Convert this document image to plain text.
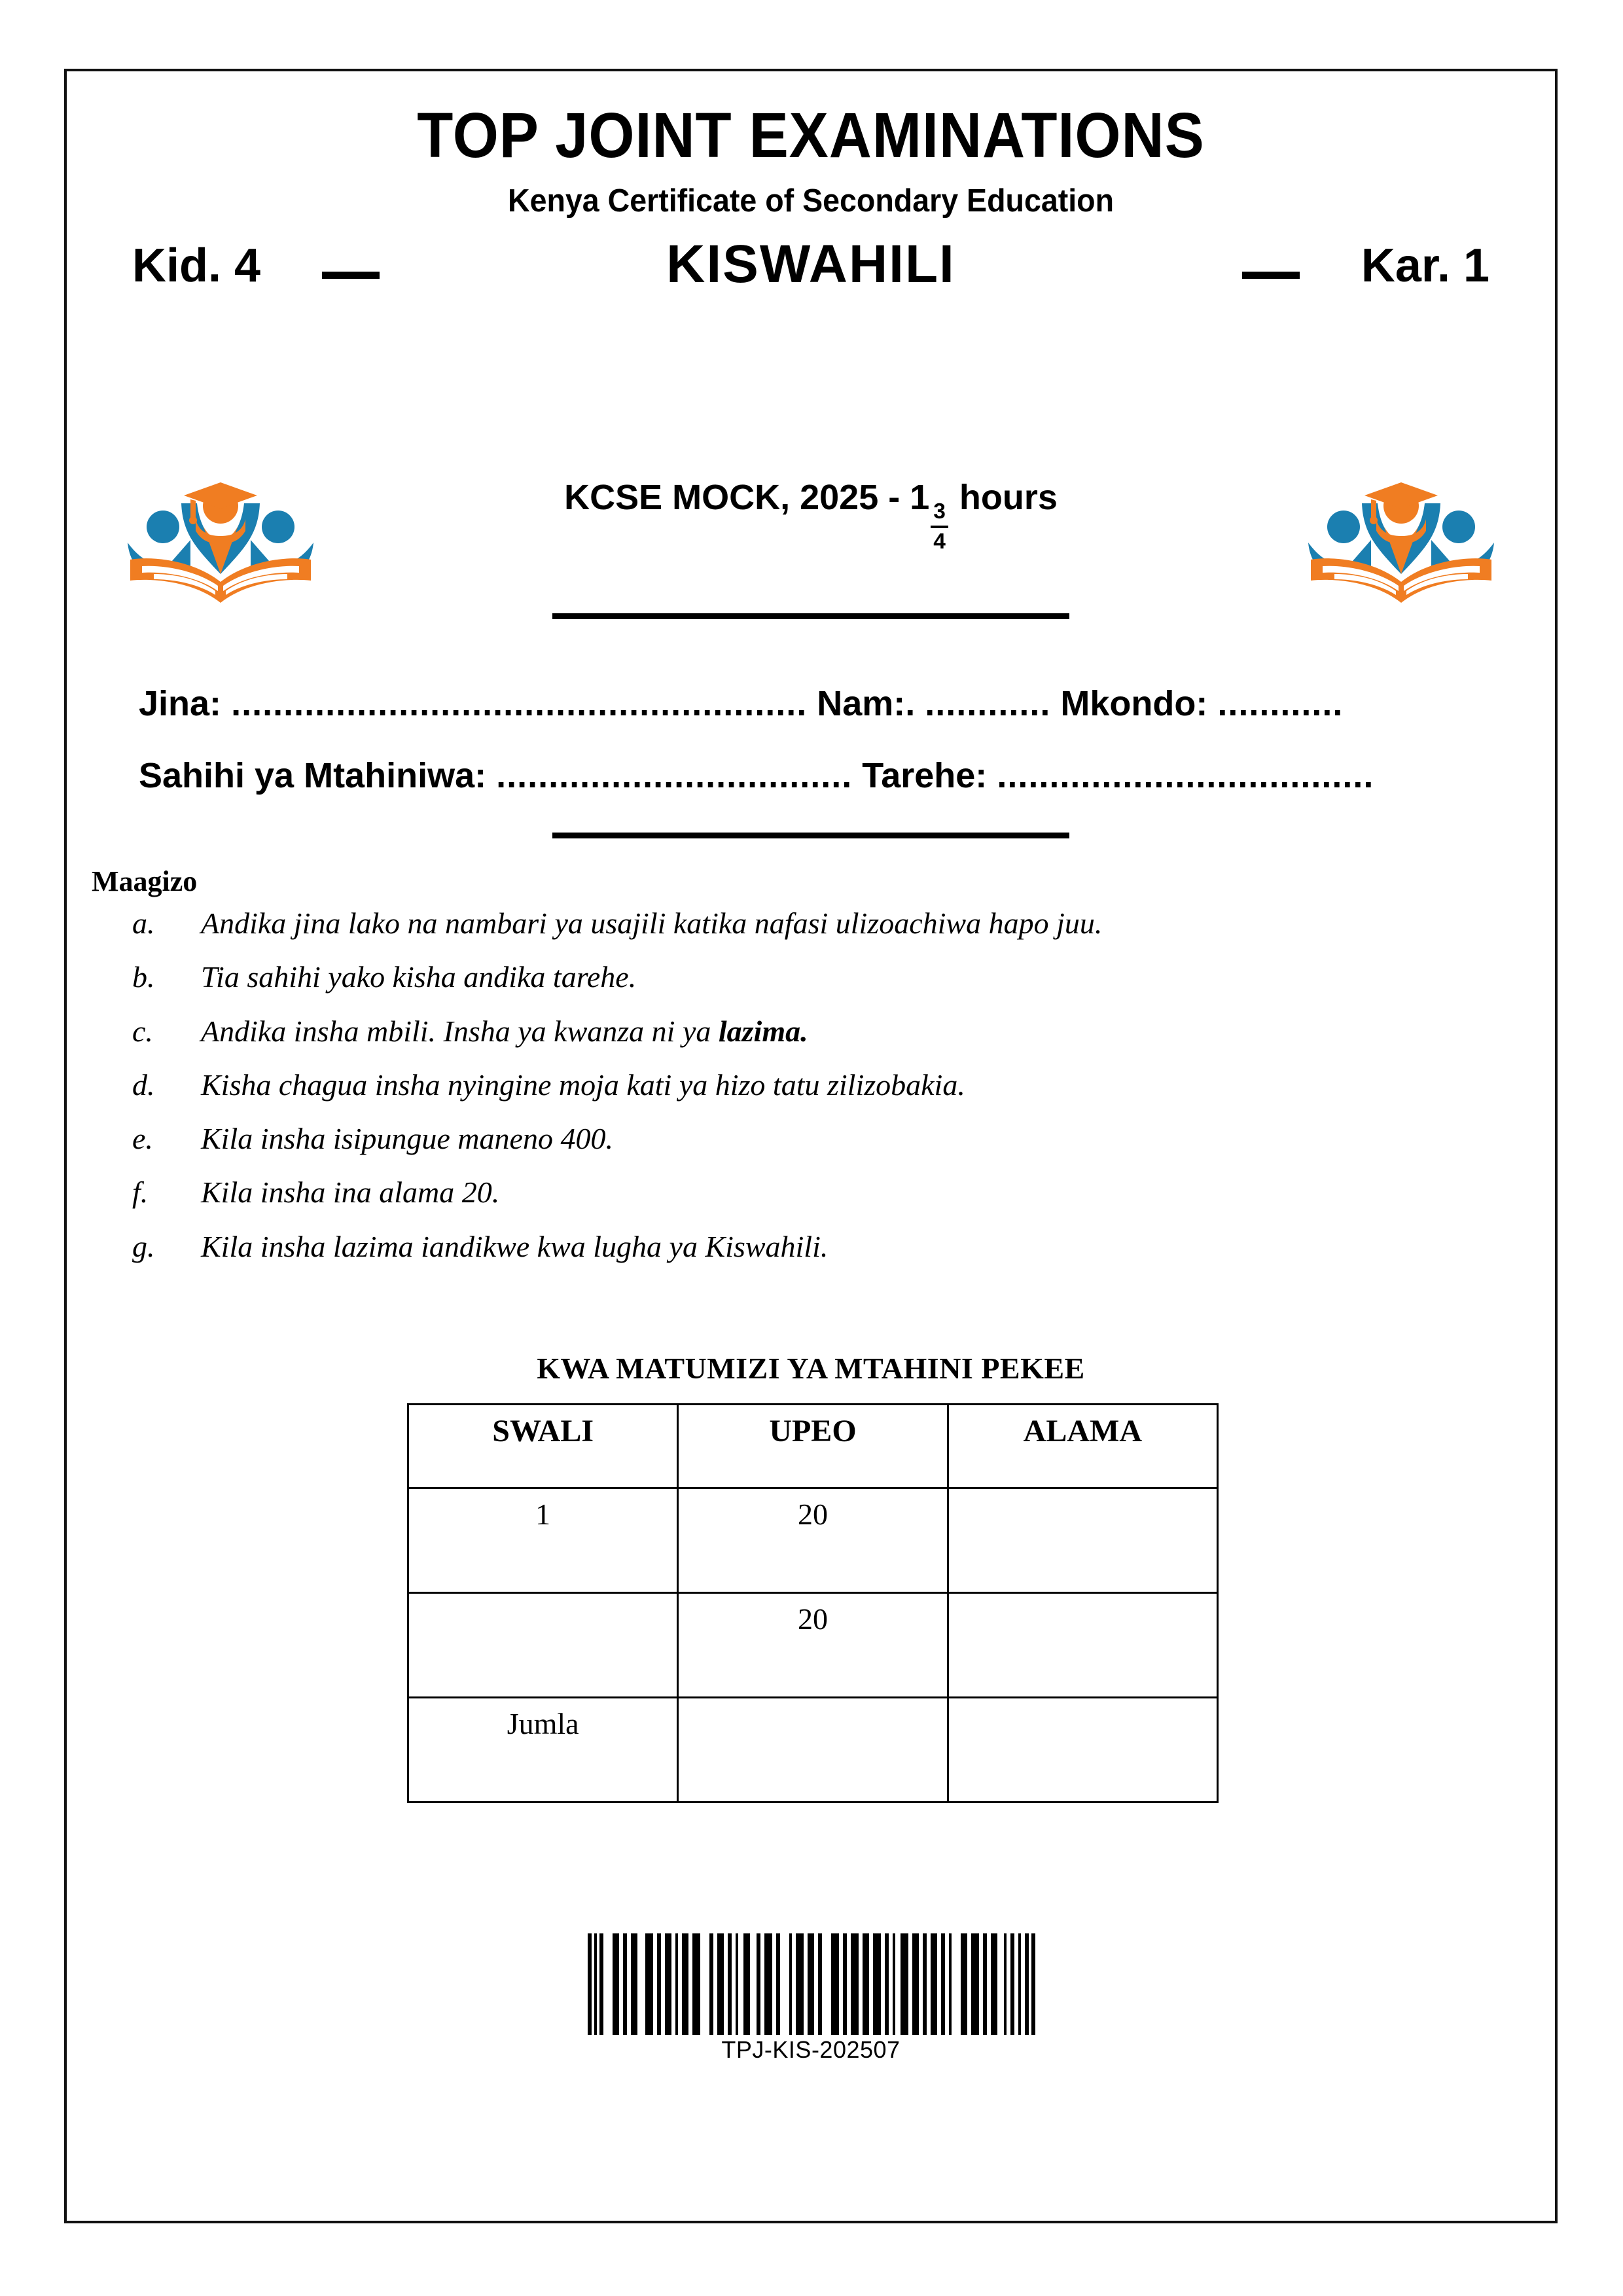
TOP JOINT EXAMINATIONS
Kenya Certificate of Secondary Education
Kid. 4	KISWAHILI	Kar. 1
KCSE MOCK, 2025 - 1
$\frac{3}{4}$
hours
Jina: ....................................................... Nam:. ............ Mkondo: ............
Sahihi ya Mtahiniwa: .................................. Tarehe: ....................................
Maagizo
a.	Andika jina lako na nambari ya usajili katika nafasi ulizoachiwa hapo juu.
b.	Tia sahihi yako kisha andika tarehe.
c.	Andika insha mbili. Insha ya kwanza ni ya lazima.
d.	Kisha chagua insha nyingine moja kati ya hizo tatu zilizobakia.
e.	Kila insha isipungue maneno 400.
f.	Kila insha ina alama 20.
g.	Kila insha lazima iandikwe kwa lugha ya Kiswahili.
KWA MATUMIZI YA MTAHINI PEKEE
SWALI	UPEO	ALAMA
1	20	
	20	
Jumla		
TPJ-KIS-202507
